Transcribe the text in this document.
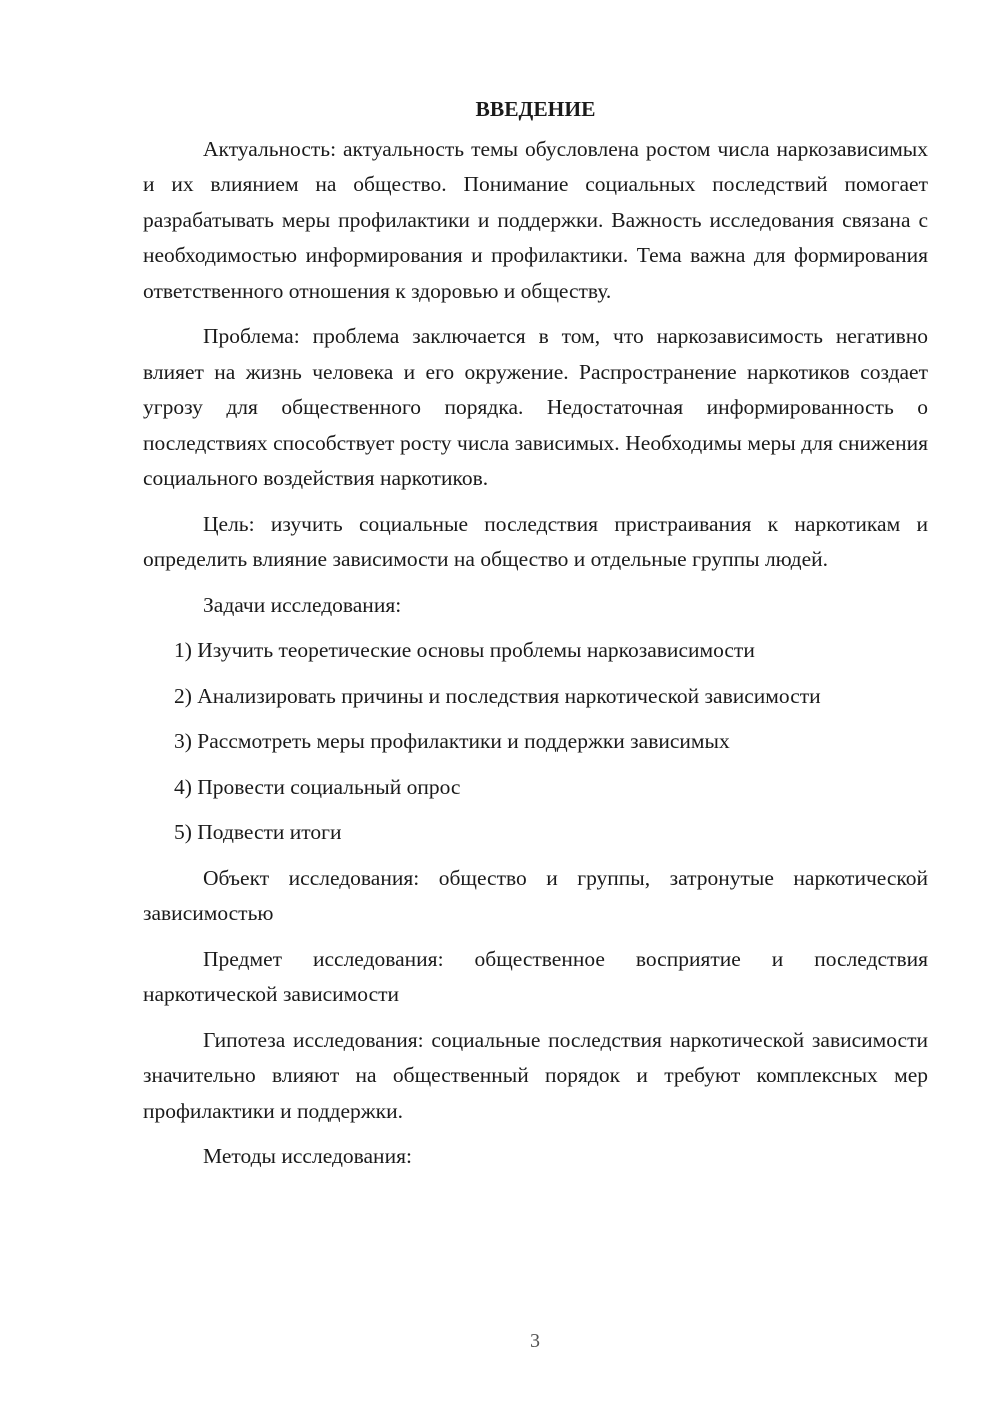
ВВЕДЕНИЕ

Актуальность: актуальность темы обусловлена ростом числа наркозависимых и их влиянием на общество. Понимание социальных последствий помогает разрабатывать меры профилактики и поддержки. Важность исследования связана с необходимостью информирования и профилактики. Тема важна для формирования ответственного отношения к здоровью и обществу.

Проблема: проблема заключается в том, что наркозависимость негативно влияет на жизнь человека и его окружение. Распространение наркотиков создает угрозу для общественного порядка. Недостаточная информированность о последствиях способствует росту числа зависимых. Необходимы меры для снижения социального воздействия наркотиков.

Цель: изучить социальные последствия пристраивания к наркотикам и определить влияние зависимости на общество и отдельные группы людей.

Задачи исследования:

1) Изучить теоретические основы проблемы наркозависимости
2) Анализировать причины и последствия наркотической зависимости
3) Рассмотреть меры профилактики и поддержки зависимых
4) Провести социальный опрос
5) Подвести итоги

Объект исследования: общество и группы, затронутые наркотической зависимостью

Предмет исследования: общественное восприятие и последствия наркотической зависимости

Гипотеза исследования: социальные последствия наркотической зависимости значительно влияют на общественный порядок и требуют комплексных мер профилактики и поддержки.

Методы исследования:

3
